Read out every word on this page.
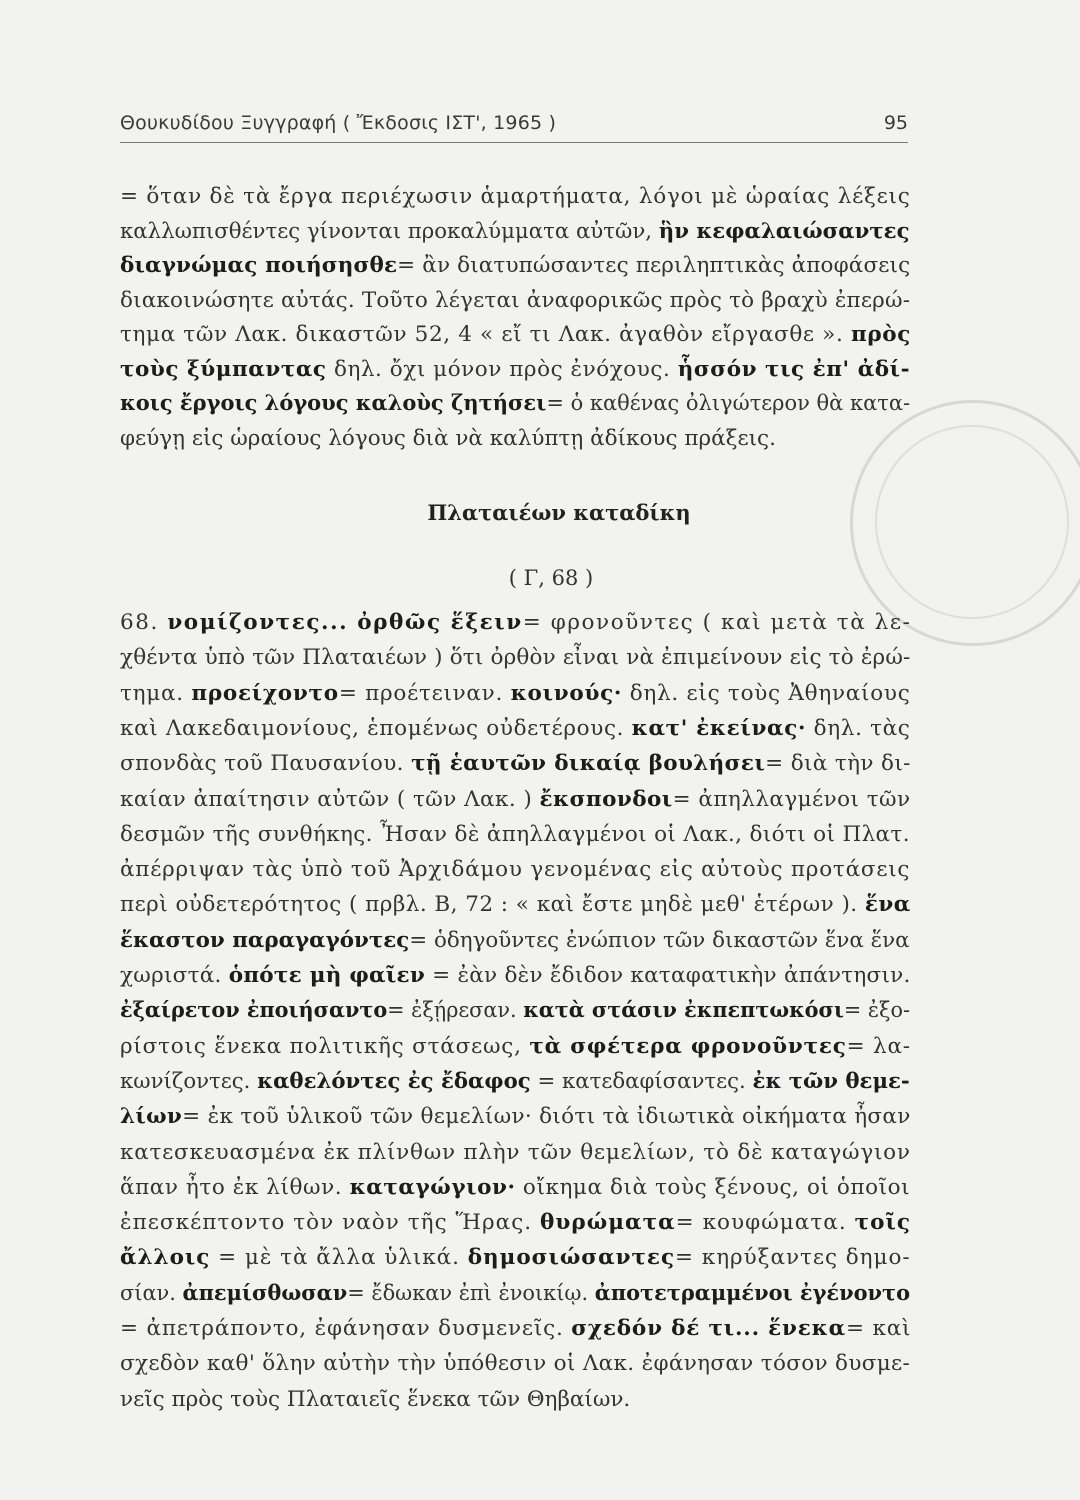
Θουκυδίδου Ξυγγραφή ( Ἔκδοσις ΙΣΤ', 1965 )	95
= ὅταν δὲ τὰ ἔργα περιέχωσιν ἁμαρτήματα, λόγοι μὲ ὡραίας λέξεις
καλλωπισθέντες γίνονται προκαλύμματα αὐτῶν, ἣν κεφαλαιώσαντες
διαγνώμας ποιήσησθε= ἂν διατυπώσαντες περιληπτικὰς ἀποφάσεις
διακοινώσητε αὐτάς. Τοῦτο λέγεται ἀναφορικῶς πρὸς τὸ βραχὺ ἐπερώ-
τημα τῶν Λακ. δικαστῶν 52, 4 « εἴ τι Λακ. ἀγαθὸν εἴργασθε ». πρὸς
τοὺς ξύμπαντας δηλ. ὄχι μόνον πρὸς ἐνόχους. ἧσσόν τις ἐπ' ἀδί-
κοις ἔργοις λόγους καλοὺς ζητήσει= ὁ καθένας ὀλιγώτερον θὰ κατα-
φεύγῃ εἰς ὡραίους λόγους διὰ νὰ καλύπτῃ ἀδίκους πράξεις.
Πλαταιέων καταδίκη
( Γ, 68 )
68. νομίζοντες... ὀρθῶς ἕξειν= φρονοῦντες ( καὶ μετὰ τὰ λε-
χθέντα ὑπὸ τῶν Πλαταιέων ) ὅτι ὀρθὸν εἶναι νὰ ἐπιμείνουν εἰς τὸ ἐρώ-
τημα. προείχοντο= προέτειναν. κοινούς· δηλ. εἰς τοὺς Ἀθηναίους
καὶ Λακεδαιμονίους, ἑπομένως οὐδετέρους. κατ' ἐκείνας· δηλ. τὰς
σπονδὰς τοῦ Παυσανίου. τῇ ἑαυτῶν δικαίᾳ βουλήσει= διὰ τὴν δι-
καίαν ἀπαίτησιν αὐτῶν ( τῶν Λακ. ) ἔκσπονδοι= ἀπηλλαγμένοι τῶν
δεσμῶν τῆς συνθήκης. Ἦσαν δὲ ἀπηλλαγμένοι οἱ Λακ., διότι οἱ Πλατ.
ἀπέρριψαν τὰς ὑπὸ τοῦ Ἀρχιδάμου γενομένας εἰς αὐτοὺς προτάσεις
περὶ οὐδετερότητος ( πρβλ. Β, 72 : « καὶ ἔστε μηδὲ μεθ' ἑτέρων ). ἕνα
ἕκαστον παραγαγόντες= ὁδηγοῦντες ἐνώπιον τῶν δικαστῶν ἕνα ἕνα
χωριστά. ὁπότε μὴ φαῖεν = ἐὰν δὲν ἔδιδον καταφατικὴν ἀπάντησιν.
ἐξαίρετον ἐποιήσαντο= ἐξῄρεσαν. κατὰ στάσιν ἐκπεπτωκόσι= ἐξο-
ρίστοις ἕνεκα πολιτικῆς στάσεως, τὰ σφέτερα φρονοῦντες= λα-
κωνίζοντες. καθελόντες ἐς ἔδαφος = κατεδαφίσαντες. ἐκ τῶν θεμε-
λίων= ἐκ τοῦ ὑλικοῦ τῶν θεμελίων· διότι τὰ ἰδιωτικὰ οἰκήματα ἦσαν
κατεσκευασμένα ἐκ πλίνθων πλὴν τῶν θεμελίων, τὸ δὲ καταγώγιον
ἅπαν ἦτο ἐκ λίθων. καταγώγιον· οἴκημα διὰ τοὺς ξένους, οἱ ὁποῖοι
ἐπεσκέπτοντο τὸν ναὸν τῆς Ἥρας. θυρώματα= κουφώματα. τοῖς
ἄλλοις = μὲ τὰ ἄλλα ὑλικά. δημοσιώσαντες= κηρύξαντες δημο-
σίαν. ἀπεμίσθωσαν= ἔδωκαν ἐπὶ ἐνοικίῳ. ἀποτετραμμένοι ἐγένοντο
= ἀπετράποντο, ἐφάνησαν δυσμενεῖς. σχεδόν δέ τι... ἕνεκα= καὶ
σχεδὸν καθ' ὅλην αὐτὴν τὴν ὑπόθεσιν οἱ Λακ. ἐφάνησαν τόσον δυσμε-
νεῖς πρὸς τοὺς Πλαταιεῖς ἕνεκα τῶν Θηβαίων.
